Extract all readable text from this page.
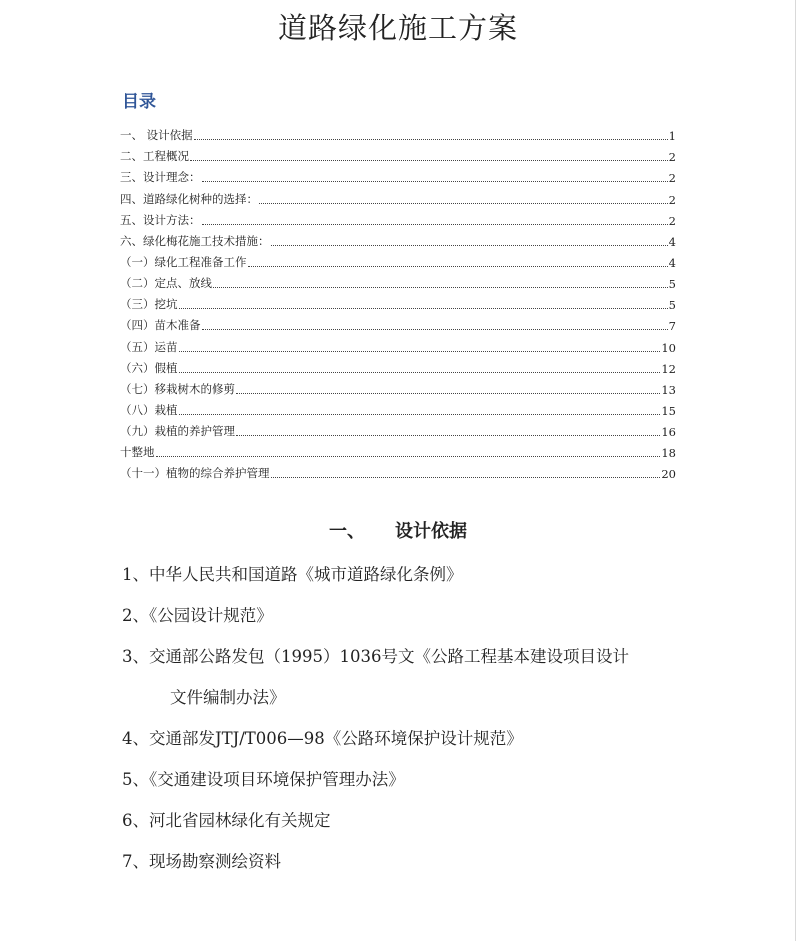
道路绿化施工方案
目录
一、 设计依据	1
二、工程概况	2
三、设计理念：	2
四、道路绿化树种的选择：	2
五、设计方法：	2
六、绿化梅花施工技术措施：	4
（一）绿化工程准备工作	4
（二）定点、放线	5
（三）挖坑	5
（四）苗木准备	7
（五）运苗	10
（六）假植	12
（七）移栽树木的修剪	13
（八）栽植	15
（九）栽植的养护管理	16
十整地	18
（十一）植物的综合养护管理	20
一、 设计依据
1、中华人民共和国道路《城市道路绿化条例》
2、《公园设计规范》
3、交通部公路发包（1995）1036号文《公路工程基本建设项目设计
文件编制办法》
4、交通部发JTJ/T006—98《公路环境保护设计规范》
5、《交通建设项目环境保护管理办法》
6、河北省园林绿化有关规定
7、现场勘察测绘资料
